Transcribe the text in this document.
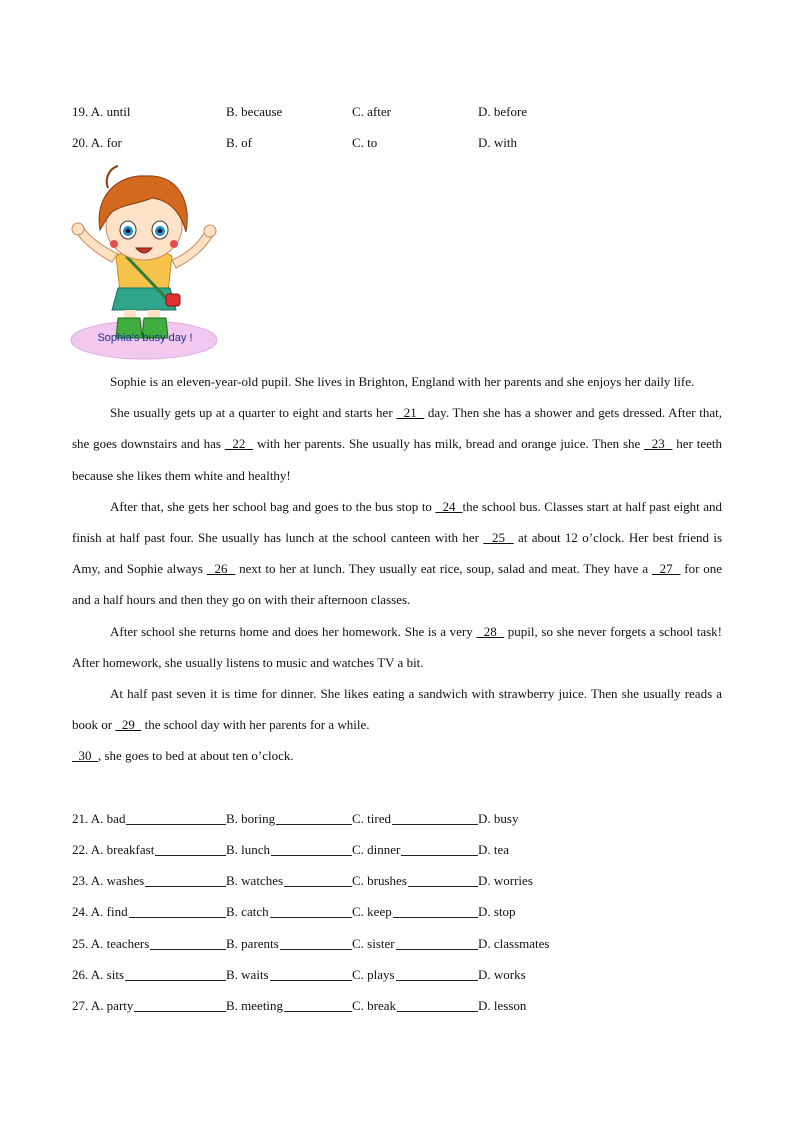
19. A. until	B. because	C. after	D. before
20. A. for	B. of	C. to	D. with
Sophia's busy day !

Sophie is an eleven-year-old pupil. She lives in Brighton, England with her parents and she enjoys her daily life.

She usually gets up at a quarter to eight and starts her   21   day. Then she has a shower and gets dressed. After that, she goes downstairs and has   22   with her parents. She usually has milk, bread and orange juice. Then she   23   her teeth because she likes them white and healthy!

After that, she gets her school bag and goes to the bus stop to   24  the school bus. Classes start at half past eight and finish at half past four. She usually has lunch at the school canteen with her   25   at about 12 o’clock. Her best friend is Amy, and Sophie always   26   next to her at lunch. They usually eat rice, soup, salad and meat. They have a   27   for one and a half hours and then they go on with their afternoon classes.

After school she returns home and does her homework. She is a very   28   pupil, so she never forgets a school task! After homework, she usually listens to music and watches TV a bit.

At half past seven it is time for dinner. She likes eating a sandwich with strawberry juice. Then she usually reads a book or   29   the school day with her parents for a while.

30  , she goes to bed at about ten o’clock.

21. A. bad	B. boring	C. tired	D. busy
22. A. breakfast	B. lunch	C. dinner	D. tea
23. A. washes	B. watches	C. brushes	D. worries
24. A. find	B. catch	C. keep	D. stop
25. A. teachers	B. parents	C. sister	D. classmates
26. A. sits	B. waits	C. plays	D. works
27. A. party	B. meeting	C. break	D. lesson
